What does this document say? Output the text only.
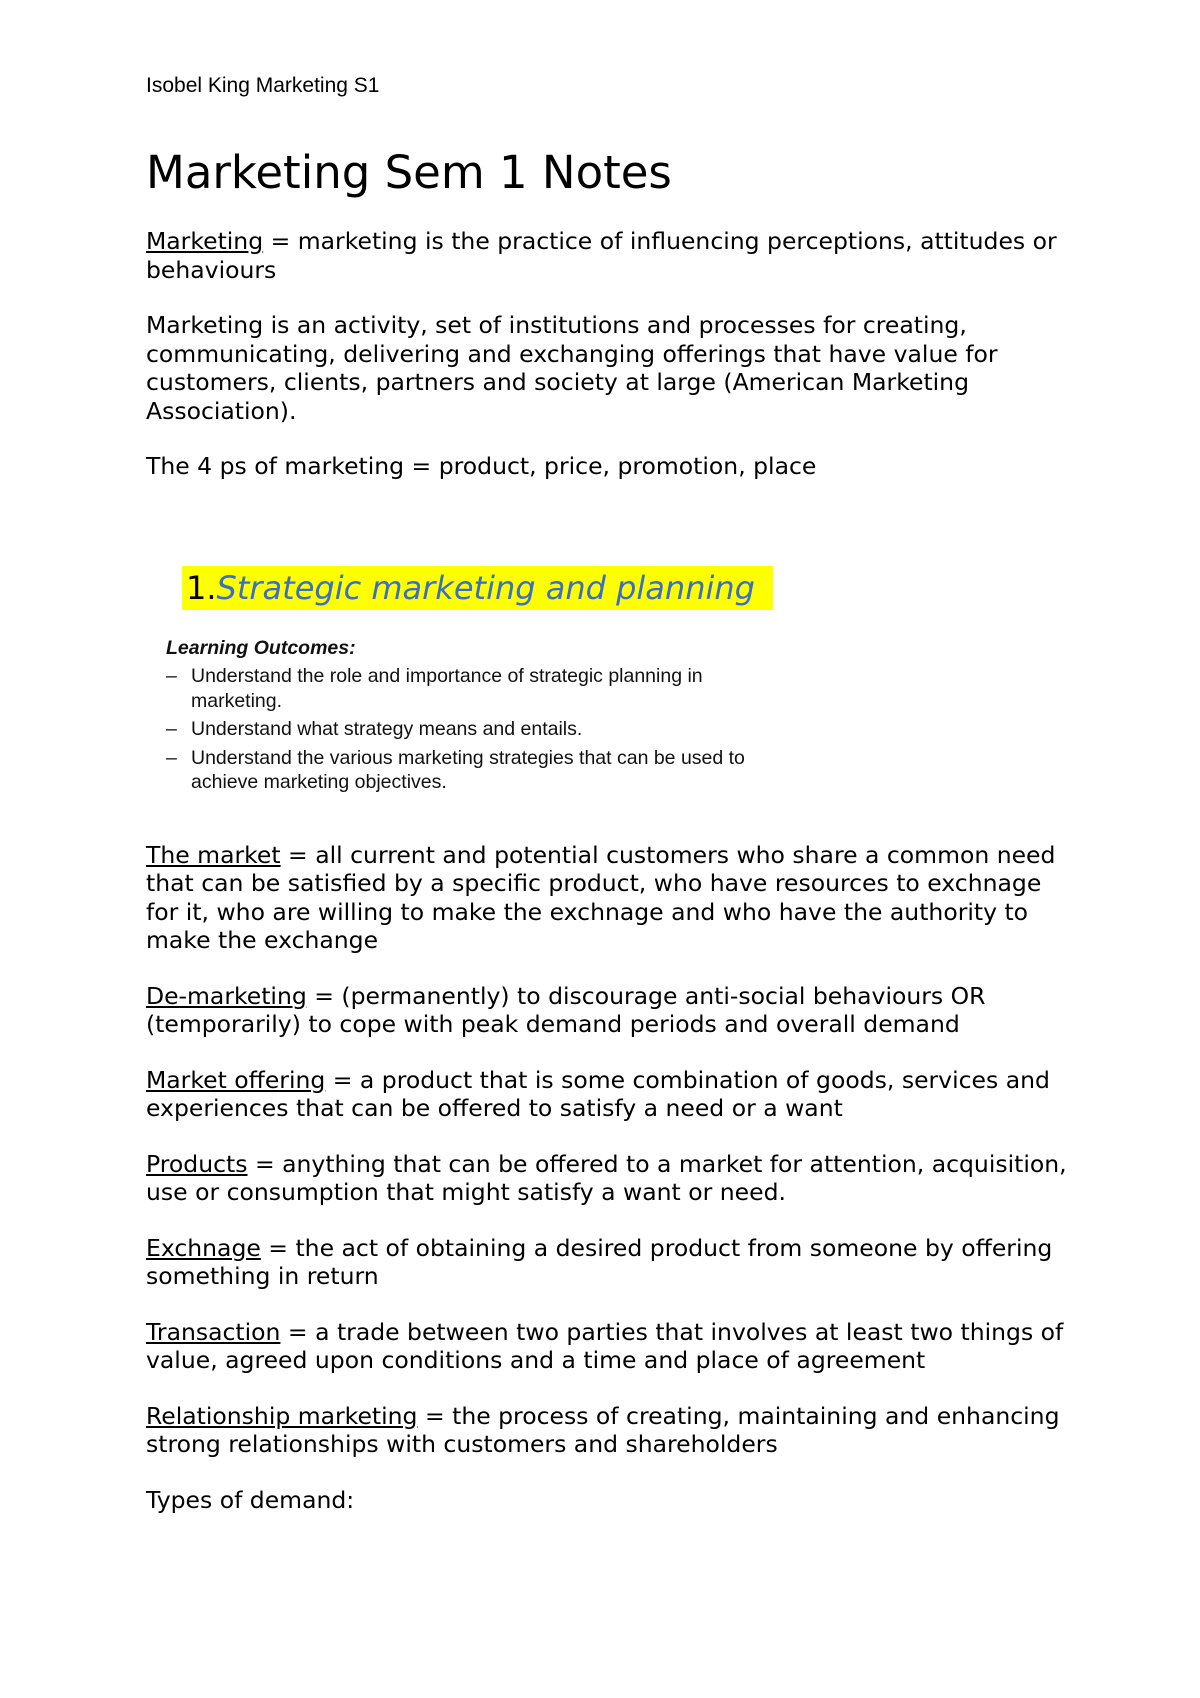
Isobel King Marketing S1
Marketing Sem 1 Notes

Marketing = marketing is the practice of influencing perceptions, attitudes or behaviours

Marketing is an activity, set of institutions and processes for creating, communicating, delivering and exchanging offerings that have value for customers, clients, partners and society at large (American Marketing Association).

The 4 ps of marketing = product, price, promotion, place

1.Strategic marketing and planning
Learning Outcomes:
– Understand the role and importance of strategic planning in marketing.
– Understand what strategy means and entails.
– Understand the various marketing strategies that can be used to achieve marketing objectives.

The market = all current and potential customers who share a common need that can be satisfied by a specific product, who have resources to exchnage for it, who are willing to make the exchnage and who have the authority to make the exchange

De-marketing = (permanently) to discourage anti-social behaviours OR (temporarily) to cope with peak demand periods and overall demand

Market offering = a product that is some combination of goods, services and experiences that can be offered to satisfy a need or a want

Products = anything that can be offered to a market for attention, acquisition, use or consumption that might satisfy a want or need.

Exchnage = the act of obtaining a desired product from someone by offering something in return

Transaction = a trade between two parties that involves at least two things of value, agreed upon conditions and a time and place of agreement

Relationship marketing = the process of creating, maintaining and enhancing strong relationships with customers and shareholders

Types of demand:
